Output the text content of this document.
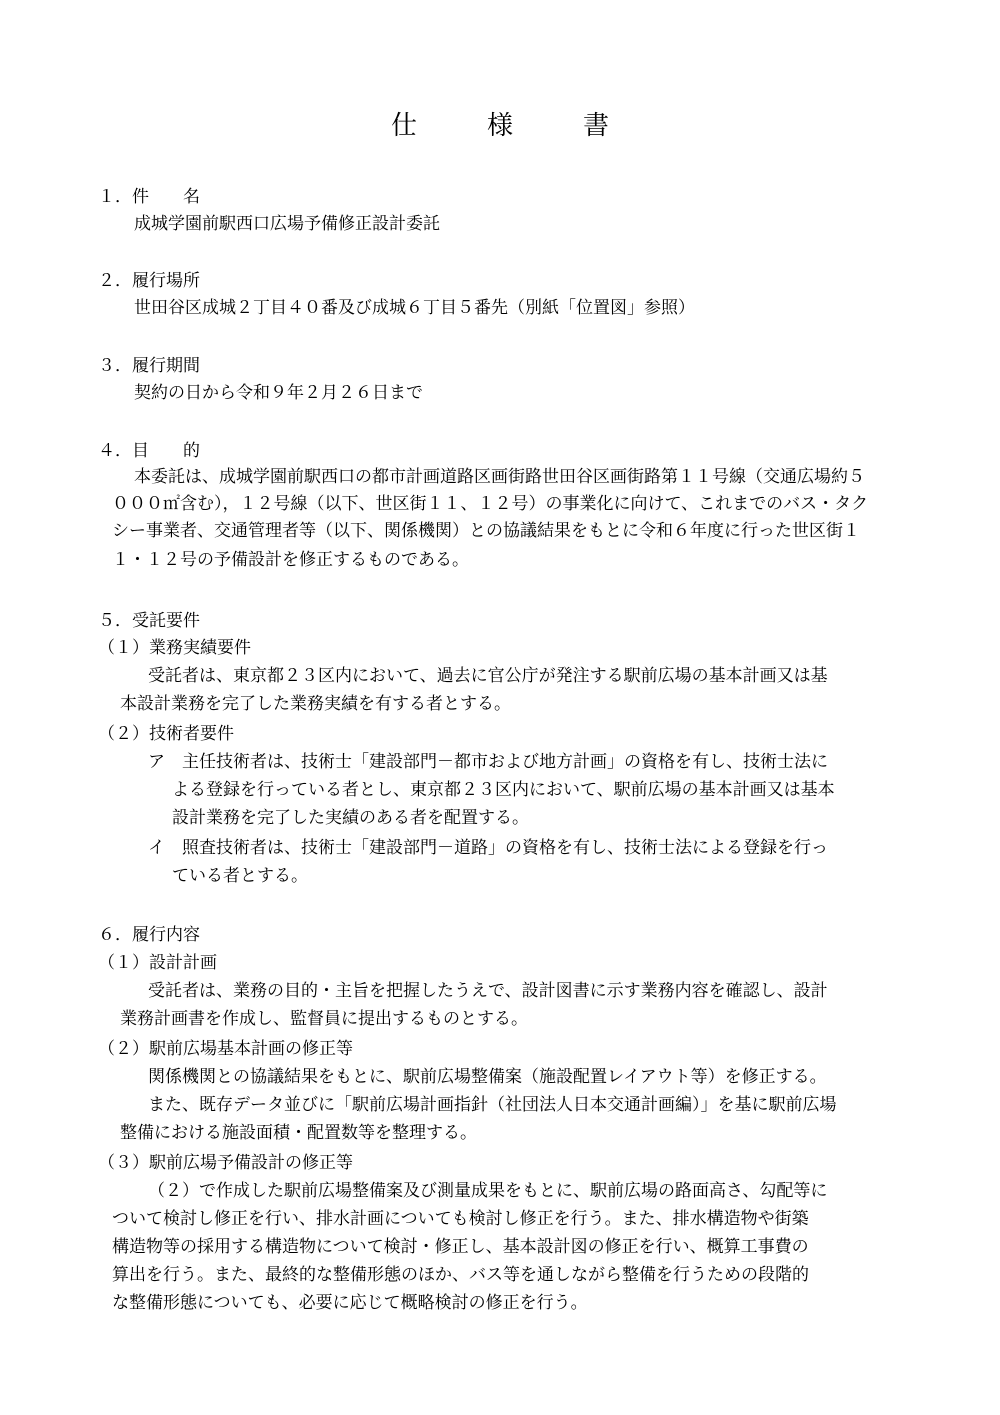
仕　様　書
１．件　　名
成城学園前駅西口広場予備修正設計委託
２．履行場所
世田谷区成城２丁目４０番及び成城６丁目５番先（別紙「位置図」参照）
３．履行期間
契約の日から令和９年２月２６日まで
４．目　　的
本委託は、成城学園前駅西口の都市計画道路区画街路世田谷区画街路第１１号線（交通広場約５
０００㎡含む），１２号線（以下、世区街１１、１２号）の事業化に向けて、これまでのバス・タク
シー事業者、交通管理者等（以下、関係機関）との協議結果をもとに令和６年度に行った世区街１
１・１２号の予備設計を修正するものである。
５．受託要件
（１）業務実績要件
受託者は、東京都２３区内において、過去に官公庁が発注する駅前広場の基本計画又は基
本設計業務を完了した業務実績を有する者とする。
（２）技術者要件
ア　主任技術者は、技術士「建設部門－都市および地方計画」の資格を有し、技術士法に
よる登録を行っている者とし、東京都２３区内において、駅前広場の基本計画又は基本
設計業務を完了した実績のある者を配置する。
イ　照査技術者は、技術士「建設部門－道路」の資格を有し、技術士法による登録を行っ
ている者とする。
６．履行内容
（１）設計計画
受託者は、業務の目的・主旨を把握したうえで、設計図書に示す業務内容を確認し、設計
業務計画書を作成し、監督員に提出するものとする。
（２）駅前広場基本計画の修正等
関係機関との協議結果をもとに、駅前広場整備案（施設配置レイアウト等）を修正する。
また、既存データ並びに「駅前広場計画指針（社団法人日本交通計画編）」を基に駅前広場
整備における施設面積・配置数等を整理する。
（３）駅前広場予備設計の修正等
（２）で作成した駅前広場整備案及び測量成果をもとに、駅前広場の路面高さ、勾配等に
ついて検討し修正を行い、排水計画についても検討し修正を行う。また、排水構造物や街築
構造物等の採用する構造物について検討・修正し、基本設計図の修正を行い、概算工事費の
算出を行う。また、最終的な整備形態のほか、バス等を通しながら整備を行うための段階的
な整備形態についても、必要に応じて概略検討の修正を行う。
